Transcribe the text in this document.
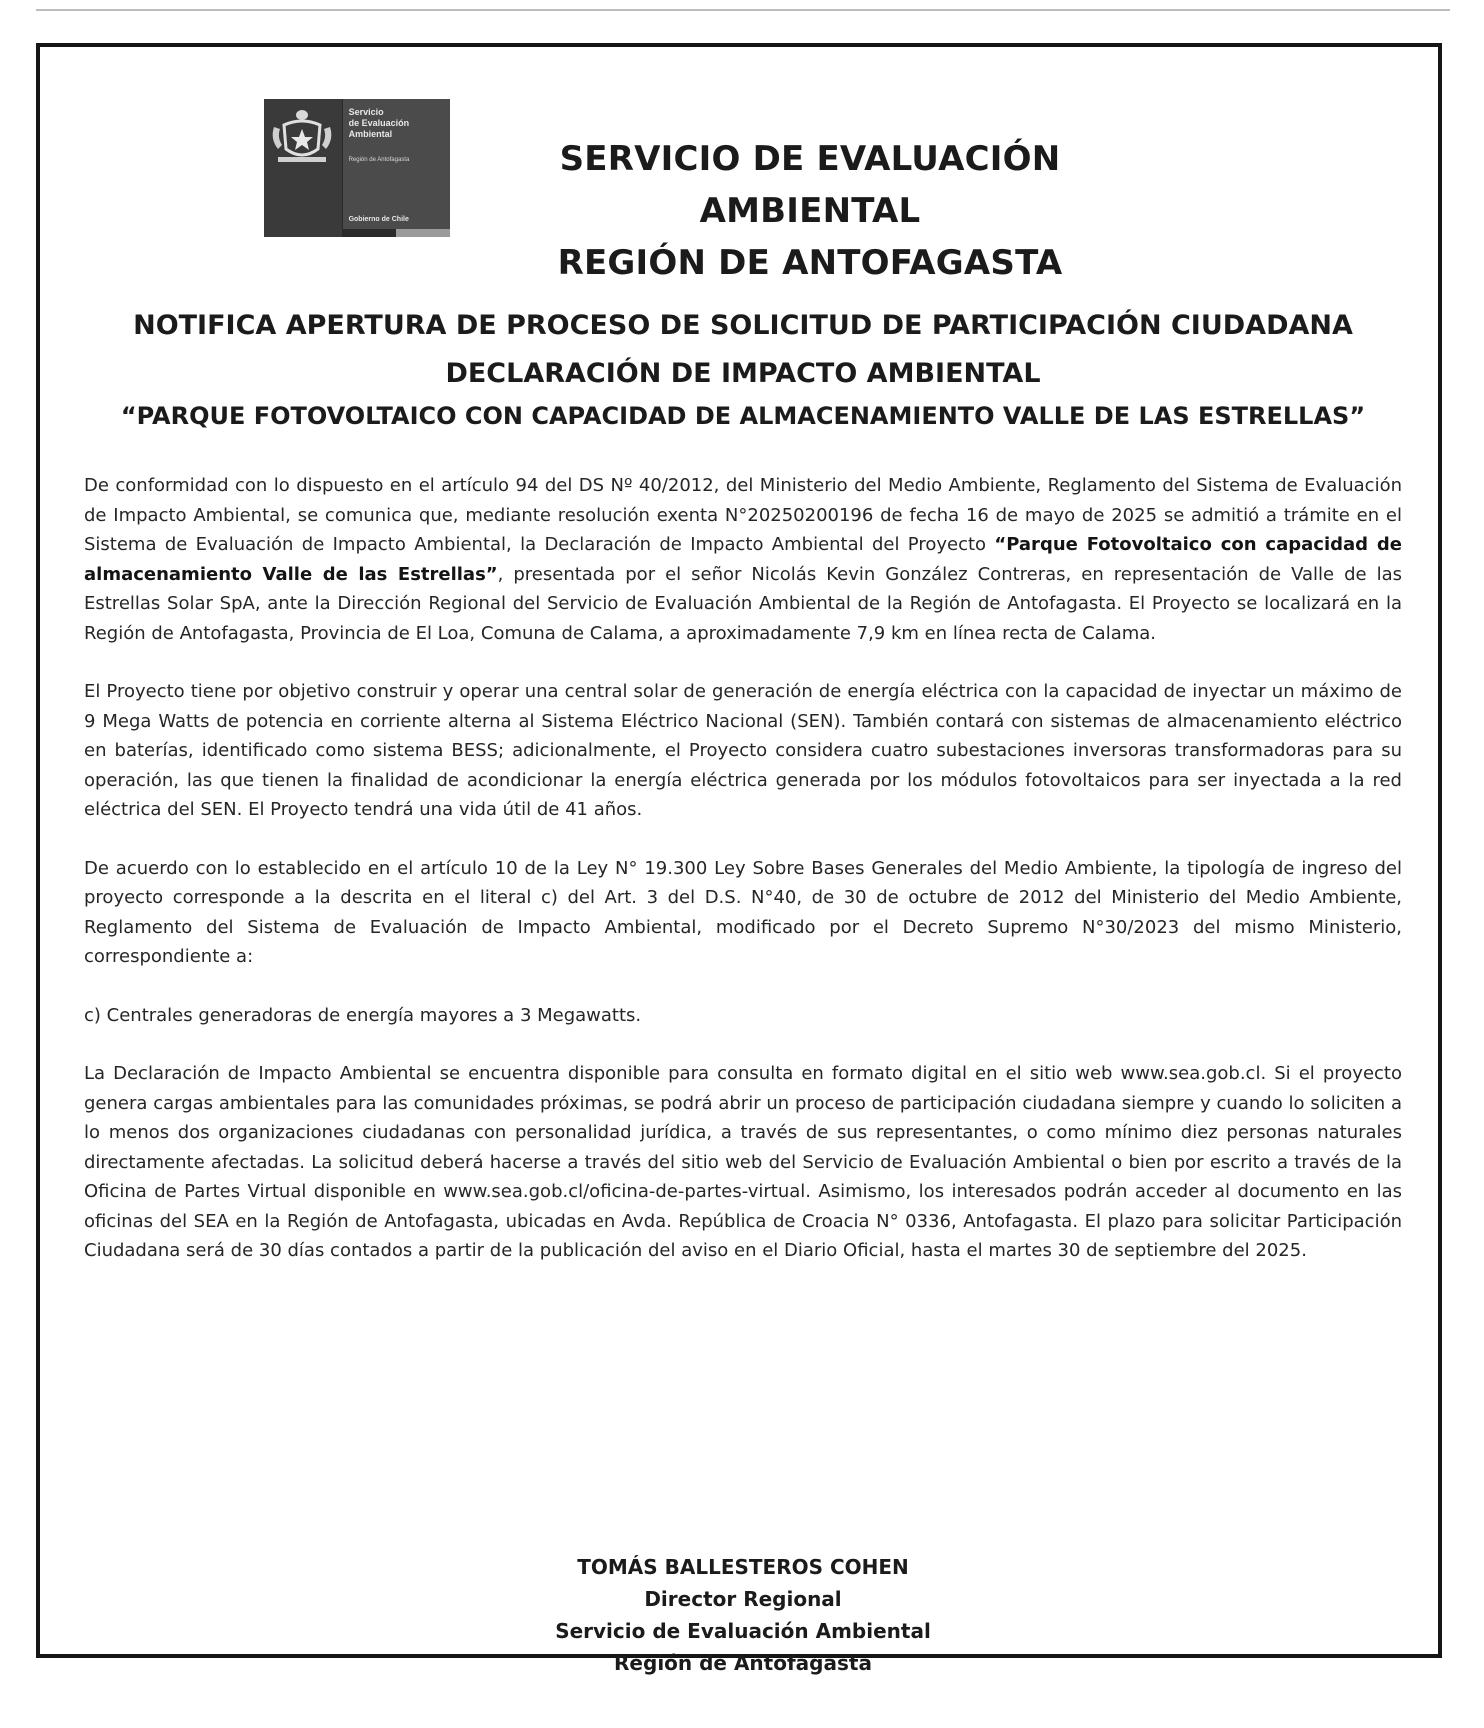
Servicio
de Evaluación
Ambiental
Región de Antofagasta
Gobierno de Chile
SERVICIO DE EVALUACIÓN AMBIENTAL
REGIÓN DE ANTOFAGASTA
NOTIFICA APERTURA DE PROCESO DE SOLICITUD DE PARTICIPACIÓN CIUDADANA
DECLARACIÓN DE IMPACTO AMBIENTAL
“PARQUE FOTOVOLTAICO CON CAPACIDAD DE ALMACENAMIENTO VALLE DE LAS ESTRELLAS”

De conformidad con lo dispuesto en el artículo 94 del DS Nº 40/2012, del Ministerio del Medio Ambiente, Reglamento del Sistema de Evaluación de Impacto Ambiental, se comunica que, mediante resolución exenta N°20250200196 de fecha 16 de mayo de 2025 se admitió a trámite en el Sistema de Evaluación de Impacto Ambiental, la Declaración de Impacto Ambiental del Proyecto “Parque Fotovoltaico con capacidad de almacenamiento Valle de las Estrellas”, presentada por el señor Nicolás Kevin González Contreras, en representación de Valle de las Estrellas Solar SpA, ante la Dirección Regional del Servicio de Evaluación Ambiental de la Región de Antofagasta. El Proyecto se localizará en la Región de Antofagasta, Provincia de El Loa, Comuna de Calama, a aproximadamente 7,9 km en línea recta de Calama.

El Proyecto tiene por objetivo construir y operar una central solar de generación de energía eléctrica con la capacidad de inyectar un máximo de 9 Mega Watts de potencia en corriente alterna al Sistema Eléctrico Nacional (SEN). También contará con sistemas de almacenamiento eléctrico en baterías, identificado como sistema BESS; adicionalmente, el Proyecto considera cuatro subestaciones inversoras transformadoras para su operación, las que tienen la finalidad de acondicionar la energía eléctrica generada por los módulos fotovoltaicos para ser inyectada a la red eléctrica del SEN. El Proyecto tendrá una vida útil de 41 años.

De acuerdo con lo establecido en el artículo 10 de la Ley N° 19.300 Ley Sobre Bases Generales del Medio Ambiente, la tipología de ingreso del proyecto corresponde a la descrita en el literal c) del Art. 3 del D.S. N°40, de 30 de octubre de 2012 del Ministerio del Medio Ambiente, Reglamento del Sistema de Evaluación de Impacto Ambiental, modificado por el Decreto Supremo N°30/2023 del mismo Ministerio, correspondiente a:

c) Centrales generadoras de energía mayores a 3 Megawatts.

La Declaración de Impacto Ambiental se encuentra disponible para consulta en formato digital en el sitio web www.sea.gob.cl. Si el proyecto genera cargas ambientales para las comunidades próximas, se podrá abrir un proceso de participación ciudadana siempre y cuando lo soliciten a lo menos dos organizaciones ciudadanas con personalidad jurídica, a través de sus representantes, o como mínimo diez personas naturales directamente afectadas. La solicitud deberá hacerse a través del sitio web del Servicio de Evaluación Ambiental o bien por escrito a través de la Oficina de Partes Virtual disponible en www.sea.gob.cl/oficina-de-partes-virtual. Asimismo, los interesados podrán acceder al documento en las oficinas del SEA en la Región de Antofagasta, ubicadas en Avda. República de Croacia N° 0336, Antofagasta. El plazo para solicitar Participación Ciudadana será de 30 días contados a partir de la publicación del aviso en el Diario Oficial, hasta el martes 30 de septiembre del 2025.

TOMÁS BALLESTEROS COHEN
Director Regional
Servicio de Evaluación Ambiental
Región de Antofagasta
